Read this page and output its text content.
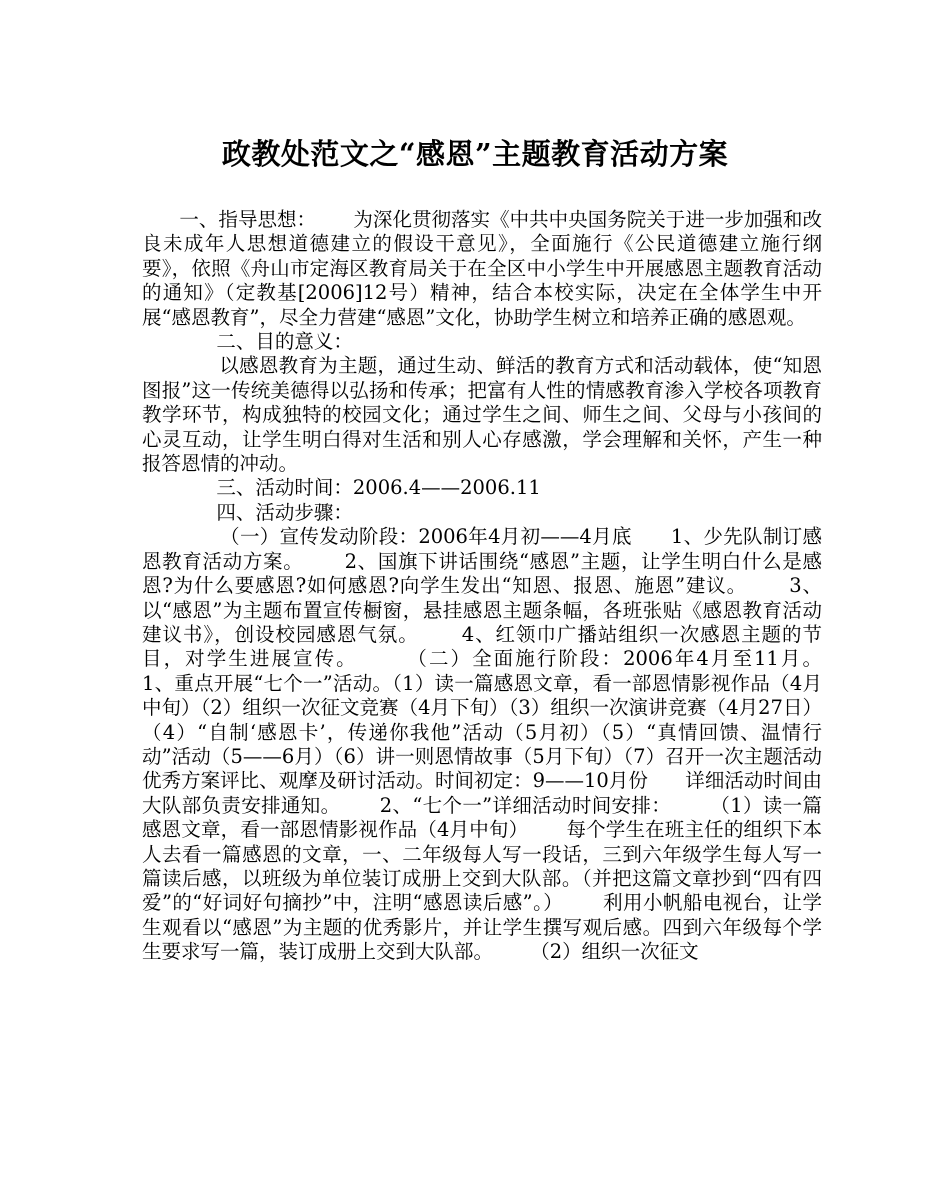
政教处范文之“感恩”主题教育活动方案

一、指导思想：      为深化贯彻落实《中共中央国务院关于进一步加强和改良未成年人思想道德建立的假设干意见》，全面施行《公民道德建立施行纲要》，依照《舟山市定海区教育局关于在全区中小学生中开展感恩主题教育活动的通知》（定教基[2006]12号）精神，结合本校实际，决定在全体学生中开展“感恩教育”，尽全力营建“感恩”文化，协助学生树立和培养正确的感恩观。

二、目的意义：

以感恩教育为主题，通过生动、鲜活的教育方式和活动载体，使“知恩图报”这一传统美德得以弘扬和传承；把富有人性的情感教育渗入学校各项教育教学环节，构成独特的校园文化；通过学生之间、师生之间、父母与小孩间的心灵互动，让学生明白得对生活和别人心存感激，学会理解和关怀，产生一种报答恩情的冲动。

三、活动时间：2006.4——2006.11

四、活动步骤：

（一）宣传发动阶段：2006年4月初——4月底      1、少先队制订感恩教育活动方案。      2、国旗下讲话围绕“感恩”主题，让学生明白什么是感恩?为什么要感恩?如何感恩?向学生发出“知恩、报恩、施恩”建议。      3、以“感恩”为主题布置宣传橱窗，悬挂感恩主题条幅，各班张贴《感恩教育活动建议书》，创设校园感恩气氛。      4、红领巾广播站组织一次感恩主题的节目，对学生进展宣传。      （二）全面施行阶段：2006年4月至11月。      1、重点开展“七个一”活动。（1）读一篇感恩文章，看一部恩情影视作品（4月中旬）（2）组织一次征文竞赛（4月下旬）（3）组织一次演讲竞赛（4月27日）（4）“自制‘感恩卡’，传递你我他”活动（5月初）（5）“真情回馈、温情行动”活动（5——6月）（6）讲一则恩情故事（5月下旬）（7）召开一次主题活动优秀方案评比、观摩及研讨活动。时间初定：9——10月份      详细活动时间由大队部负责安排通知。      2、“七个一”详细活动时间安排：      （1）读一篇感恩文章，看一部恩情影视作品（4月中旬）      每个学生在班主任的组织下本人去看一篇感恩的文章，一、二年级每人写一段话，三到六年级学生每人写一篇读后感，以班级为单位装订成册上交到大队部。（并把这篇文章抄到“四有四爱”的“好词好句摘抄”中，注明“感恩读后感”。）      利用小帆船电视台，让学生观看以“感恩”为主题的优秀影片，并让学生撰写观后感。四到六年级每个学生要求写一篇，装订成册上交到大队部。      （2）组织一次征文
